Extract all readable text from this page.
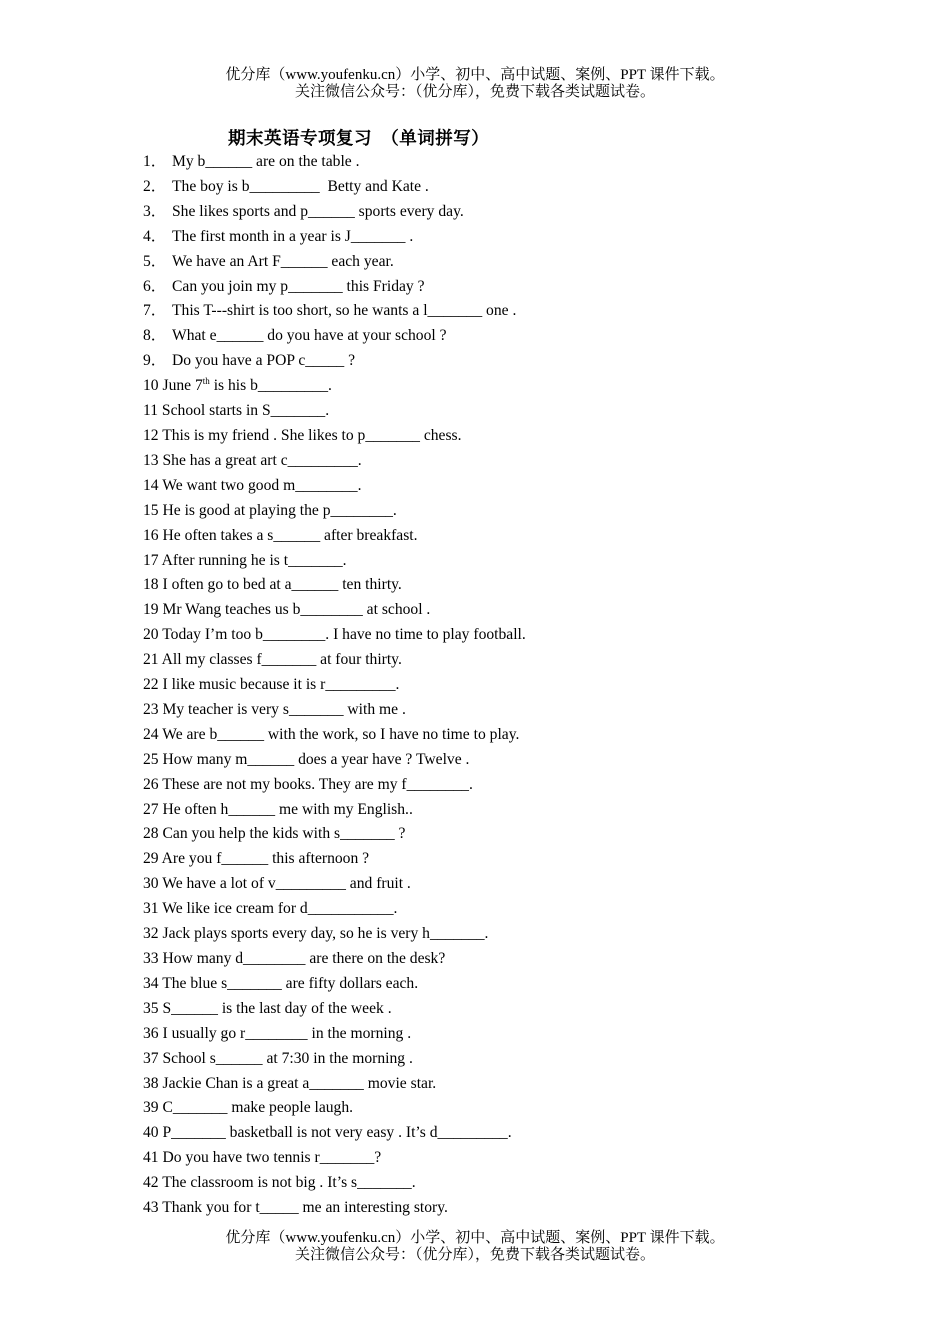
优分库（www.youfenku.cn）小学、初中、高中试题、案例、PPT 课件下载。
关注微信公众号：（优分库），免费下载各类试题试卷。
期末英语专项复习　（单词拼写）
1． My b______ are on the table .
2． The boy is b_________  Betty and Kate .
3． She likes sports and p______ sports every day.
4． The first month in a year is J_______ .
5． We have an Art F______ each year.
6． Can you join my p_______ this Friday ?
7． This T---shirt is too short, so he wants a l_______ one .
8． What e______ do you have at your school ?
9． Do you have a POP c_____ ?
10 June 7th is his b_________.
11 School starts in S_______.
12 This is my friend . She likes to p_______ chess.
13 She has a great art c_________.
14 We want two good m________.
15 He is good at playing the p________.
16 He often takes a s______ after breakfast.
17 After running he is t_______.
18 I often go to bed at a______ ten thirty.
19 Mr Wang teaches us b________ at school .
20 Today I’m too b________. I have no time to play football.
21 All my classes f_______ at four thirty.
22 I like music because it is r_________.
23 My teacher is very s_______ with me .
24 We are b______ with the work, so I have no time to play.
25 How many m______ does a year have ? Twelve .
26 These are not my books. They are my f________.
27 He often h______ me with my English..
28 Can you help the kids with s_______ ?
29 Are you f______ this afternoon ?
30 We have a lot of v_________ and fruit .
31 We like ice cream for d___________.
32 Jack plays sports every day, so he is very h_______.
33 How many d________ are there on the desk?
34 The blue s_______ are fifty dollars each.
35 S______ is the last day of the week .
36 I usually go r________ in the morning .
37 School s______ at 7:30 in the morning .
38 Jackie Chan is a great a_______ movie star.
39 C_______ make people laugh.
40 P_______ basketball is not very easy . It’s d_________.
41 Do you have two tennis r_______?
42 The classroom is not big . It’s s_______.
43 Thank you for t_____ me an interesting story.
优分库（www.youfenku.cn）小学、初中、高中试题、案例、PPT 课件下载。
关注微信公众号：（优分库），免费下载各类试题试卷。
